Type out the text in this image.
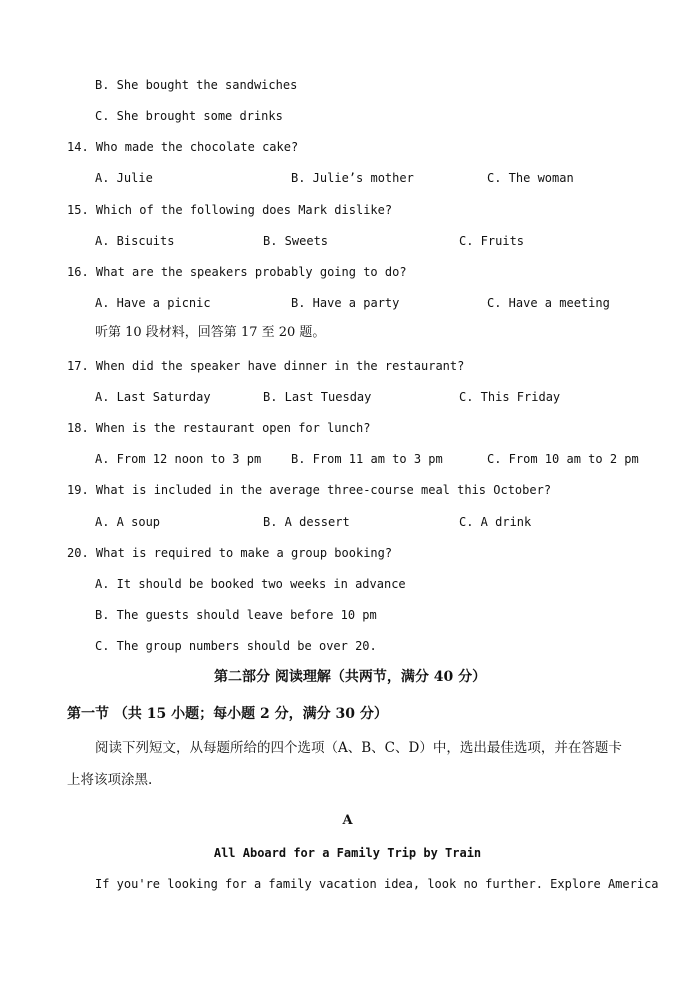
B. She bought the sandwiches
C. She brought some drinks
14. Who made the chocolate cake?
A. Julie	B. Julie’s mother	C. The woman
15. Which of the following does Mark dislike?
A. Biscuits	B. Sweets	C. Fruits
16. What are the speakers probably going to do?
A. Have a picnic	B. Have a party	C. Have a meeting
听第 10 段材料，回答第 17 至 20 题。
17. When did the speaker have dinner in the restaurant?
A. Last Saturday	B. Last Tuesday	C. This Friday
18. When is the restaurant open for lunch?
A. From 12 noon to 3 pm B. From 11 am to 3 pm	C. From 10 am to 2 pm
19. What is included in the average three-course meal this October?
A. A soup	B. A dessert	C. A drink
20. What is required to make a group booking?
A. It should be booked two weeks in advance
B. The guests should leave before 10 pm
C. The group numbers should be over 20.
第二部分 阅读理解（共两节，满分 40 分）
第一节 （共 15 小题；每小题 2 分，满分 30 分）
阅读下列短文，从每题所给的四个选项（A、B、C、D）中，选出最佳选项，并在答题卡
上将该项涂黑.
A
All Aboard for a Family Trip by Train
If you're looking for a family vacation idea, look no further. Explore America
